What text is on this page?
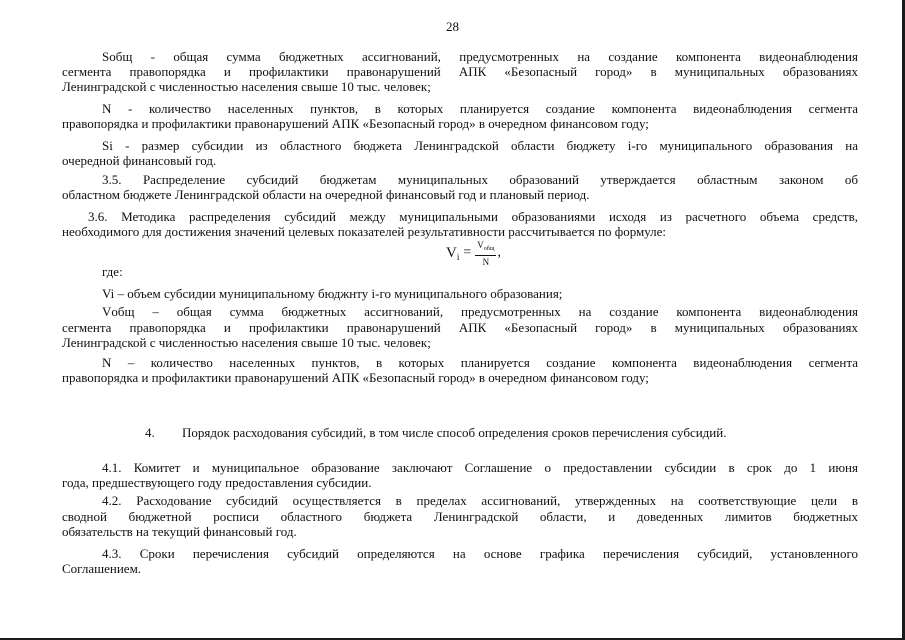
28
Sобщ - общая сумма бюджетных ассигнований, предусмотренных на создание компонента видеонаблюдения
сегмента правопорядка и профилактики правонарушений АПК «Безопасный город» в муниципальных образованиях
Ленинградской с численностью населения свыше 10 тыс. человек;
N - количество населенных пунктов, в которых планируется создание компонента видеонаблюдения сегмента
правопорядка и профилактики правонарушений АПК «Безопасный город» в очередном финансовом году;
Si - размер субсидии из областного бюджета Ленинградской области бюджету i-го муниципального образования на
очередной финансовый год.
3.5. Распределение субсидий бюджетам муниципальных образований утверждается областным законом об
областном бюджете Ленинградской области на очередной финансовый год и плановый период.
3.6. Методика распределения субсидий между муниципальными образованиями исходя из расчетного объема средств,
необходимого для достижения значений целевых показателей результативности рассчитывается по формуле:
$V_i = \frac{V_{общ}}{N}$ ,
где:
Vi – объем субсидии муниципальному бюджнту i-го муниципального образования;
Vобщ – общая сумма бюджетных ассигнований, предусмотренных на создание компонента видеонаблюдения
сегмента правопорядка и профилактики правонарушений АПК «Безопасный город» в муниципальных образованиях
Ленинградской с численностью населения свыше 10 тыс. человек;
N – количество населенных пунктов, в которых планируется создание компонента видеонаблюдения сегмента
правопорядка и профилактики правонарушений АПК «Безопасный город» в очередном финансовом году;
4. Порядок расходования субсидий, в том числе способ определения сроков перечисления субсидий.
4.1. Комитет и муниципальное образование заключают Соглашение о предоставлении субсидии в срок до 1 июня
года, предшествующего году предоставления субсидии.
4.2. Расходование субсидий осуществляется в пределах ассигнований, утвержденных на соответствующие цели в
сводной бюджетной росписи областного бюджета Ленинградской области, и доведенных лимитов бюджетных
обязательств на текущий финансовый год.
4.3. Сроки перечисления субсидий определяются на основе графика перечисления субсидий, установленного
Соглашением.
